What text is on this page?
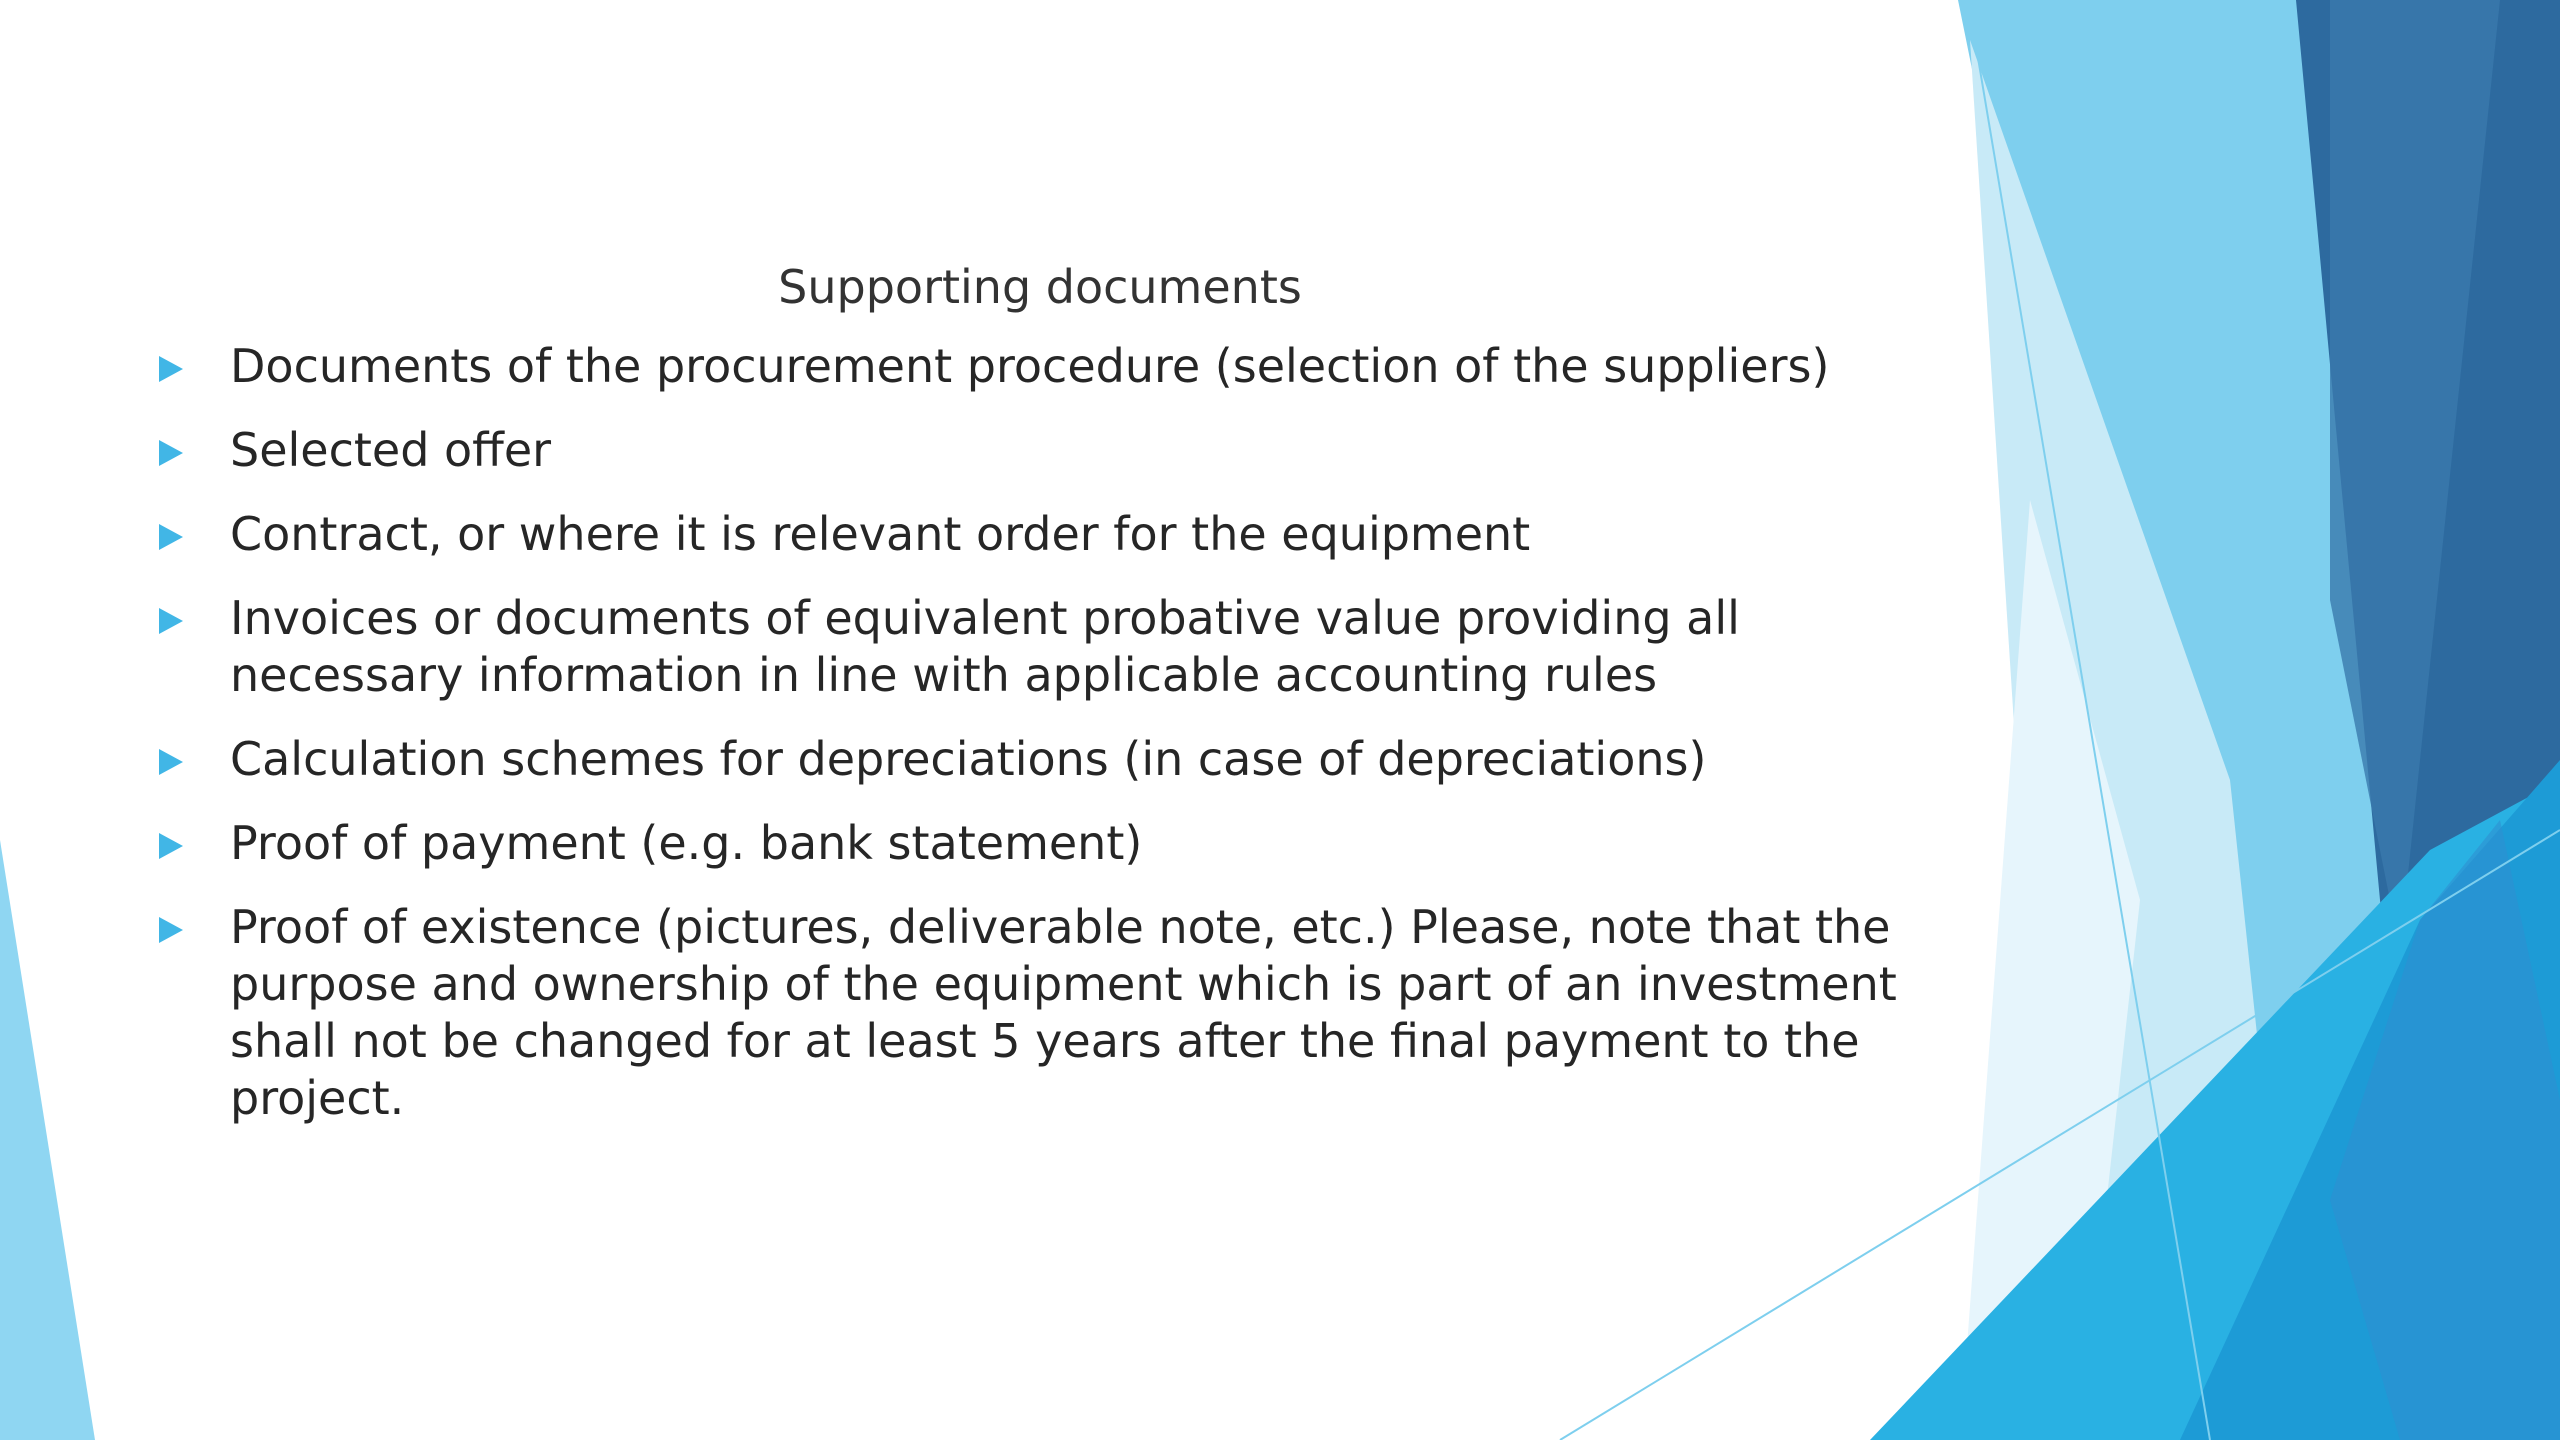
Supporting documents
Documents of the procurement procedure (selection of the suppliers)
Selected offer
Contract, or where it is relevant order for the equipment
Invoices or documents of equivalent probative value providing all necessary information in line with applicable accounting rules
Calculation schemes for depreciations (in case of depreciations)
Proof of payment (e.g. bank statement)
Proof of existence (pictures, deliverable note, etc.) Please, note that the purpose and ownership of the equipment which is part of an investment shall not be changed for at least 5 years after the final payment to the project.
